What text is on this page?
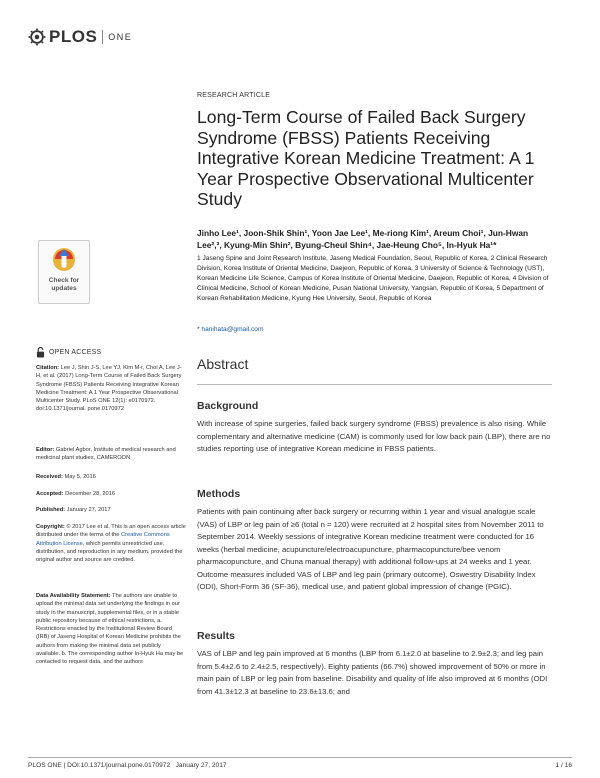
PLOS ONE
RESEARCH ARTICLE
Long-Term Course of Failed Back Surgery Syndrome (FBSS) Patients Receiving Integrative Korean Medicine Treatment: A 1 Year Prospective Observational Multicenter Study
Jinho Lee¹, Joon-Shik Shin¹, Yoon Jae Lee¹, Me-riong Kim¹, Areum Choi¹, Jun-Hwan Lee²,³, Kyung-Min Shin², Byung-Cheul Shin⁴, Jae-Heung Cho⁵, In-Hyuk Ha¹*
1 Jaseng Spine and Joint Research Institute, Jaseng Medical Foundation, Seoul, Republic of Korea, 2 Clinical Research Division, Korea Institute of Oriental Medicine, Daejeon, Republic of Korea, 3 University of Science & Technology (UST), Korean Medicine Life Science, Campus of Korea Institute of Oriental Medicine, Daejeon, Republic of Korea, 4 Division of Clinical Medicine, School of Korean Medicine, Pusan National University, Yangsan, Republic of Korea, 5 Department of Korean Rehabilitation Medicine, Kyung Hee University, Seoul, Republic of Korea
* hanihata@gmail.com
Check for updates
OPEN ACCESS
Citation: Lee J, Shin J-S, Lee YJ, Kim M-r, Choi A, Lee J-H, et al. (2017) Long-Term Course of Failed Back Surgery Syndrome (FBSS) Patients Receiving Integrative Korean Medicine Treatment: A 1 Year Prospective Observational Multicenter Study. PLoS ONE 12(1): e0170972. doi:10.1371/journal. pone.0170972
Editor: Gabriel Agbor, Institute of medical research and medicinal plant studies, CAMEROON
Received: May 5, 2016
Accepted: December 28, 2016
Published: January 27, 2017
Copyright: © 2017 Lee et al. This is an open access article distributed under the terms of the Creative Commons Attribution License, which permits unrestricted use, distribution, and reproduction in any medium, provided the original author and source are credited.
Data Availability Statement: The authors are unable to upload the minimal data set underlying the findings in our study in the manuscript, supplemental files, or in a stable public repository because of ethical restrictions, a. Restrictions enacted by the Institutional Review Board (IRB) of Jaseng Hospital of Korean Medicine prohibits the authors from making the minimal data set publicly available. b. The corresponding author In-Hyuk Ha may be contacted to request data, and the authors
Abstract
Background
With increase of spine surgeries, failed back surgery syndrome (FBSS) prevalence is also rising. While complementary and alternative medicine (CAM) is commonly used for low back pain (LBP), there are no studies reporting use of integrative Korean medicine in FBSS patients.
Methods
Patients with pain continuing after back surgery or recurring within 1 year and visual analogue scale (VAS) of LBP or leg pain of ≥6 (total n = 120) were recruited at 2 hospital sites from November 2011 to September 2014. Weekly sessions of integrative Korean medicine treatment were conducted for 16 weeks (herbal medicine, acupuncture/electroacupuncture, pharmacopuncture/bee venom pharmacopuncture, and Chuna manual therapy) with additional follow-ups at 24 weeks and 1 year. Outcome measures included VAS of LBP and leg pain (primary outcome), Oswestry Disability Index (ODI), Short-Form 36 (SF-36), medical use, and patient global impression of change (PGIC).
Results
VAS of LBP and leg pain improved at 6 months (LBP from 6.1±2.0 at baseline to 2.9±2.3; and leg pain from 5.4±2.6 to 2.4±2.5, respectively). Eighty patients (66.7%) showed improvement of 50% or more in main pain of LBP or leg pain from baseline. Disability and quality of life also improved at 6 months (ODI from 41.3±12.3 at baseline to 23.6±13.6; and
PLOS ONE | DOI:10.1371/journal.pone.0170972   January 27, 2017	1 / 16
